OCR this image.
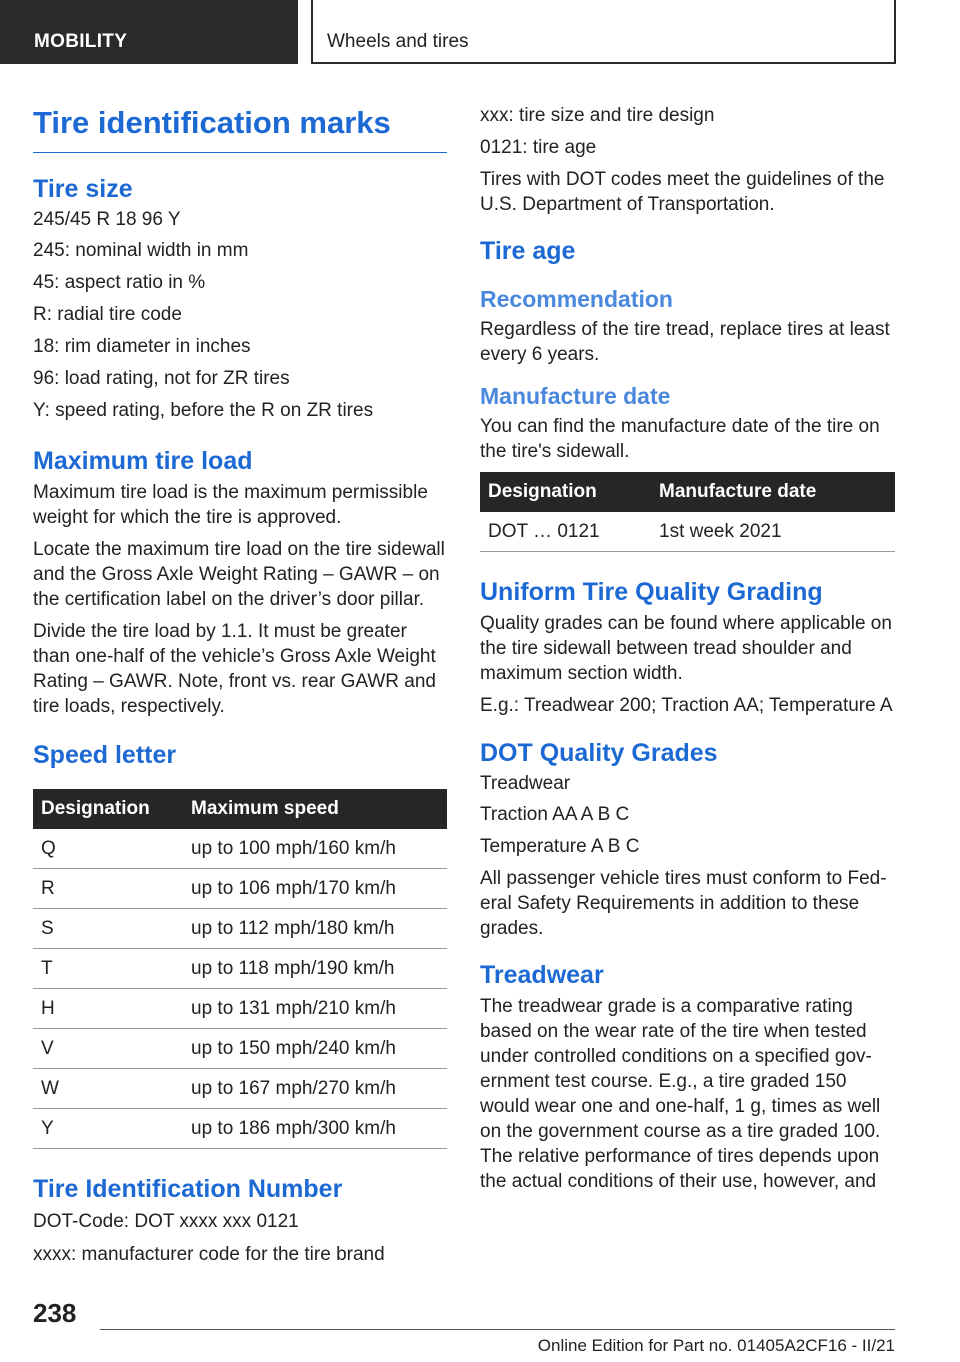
MOBILITY	Wheels and tires
Tire identification marks
Tire size
245/45 R 18 96 Y
245: nominal width in mm
45: aspect ratio in %
R: radial tire code
18: rim diameter in inches
96: load rating, not for ZR tires
Y: speed rating, before the R on ZR tires
Maximum tire load

Maximum tire load is the maximum permissible weight for which the tire is approved.

Locate the maximum tire load on the tire sidewall and the Gross Axle Weight Rating – GAWR – on the certification label on the driver’s door pillar.

Divide the tire load by 1.1. It must be greater than one-half of the vehicle’s Gross Axle Weight Rating – GAWR. Note, front vs. rear GAWR and tire loads, respectively.

Speed letter
Designation	Maximum speed
Q	up to 100 mph/160 km/h
R	up to 106 mph/170 km/h
S	up to 112 mph/180 km/h
T	up to 118 mph/190 km/h
H	up to 131 mph/210 km/h
V	up to 150 mph/240 km/h
W	up to 167 mph/270 km/h
Y	up to 186 mph/300 km/h
Tire Identification Number
DOT-Code: DOT xxxx xxx 0121
xxxx: manufacturer code for the tire brand
xxx: tire size and tire design
0121: tire age

Tires with DOT codes meet the guidelines of the U.S. Department of Transportation.

Tire age
Recommendation

Regardless of the tire tread, replace tires at least every 6 years.

Manufacture date

You can find the manufacture date of the tire on the tire's sidewall.

Designation	Manufacture date
DOT … 0121	1st week 2021
Uniform Tire Quality Grading

Quality grades can be found where applicable on the tire sidewall between tread shoulder and maximum section width.

E.g.: Treadwear 200; Traction AA; Temperature A

DOT Quality Grades
Treadwear
Traction AA A B C
Temperature A B C

All passenger vehicle tires must conform to Fed- eral Safety Requirements in addition to these grades.

Treadwear

The treadwear grade is a comparative rating based on the wear rate of the tire when tested under controlled conditions on a specified gov- ernment test course. E.g., a tire graded 150 would wear one and one-half, 1 g, times as well on the government course as a tire graded 100. The relative performance of tires depends upon the actual conditions of their use, however, and

238
Online Edition for Part no. 01405A2CF16 - II/21
